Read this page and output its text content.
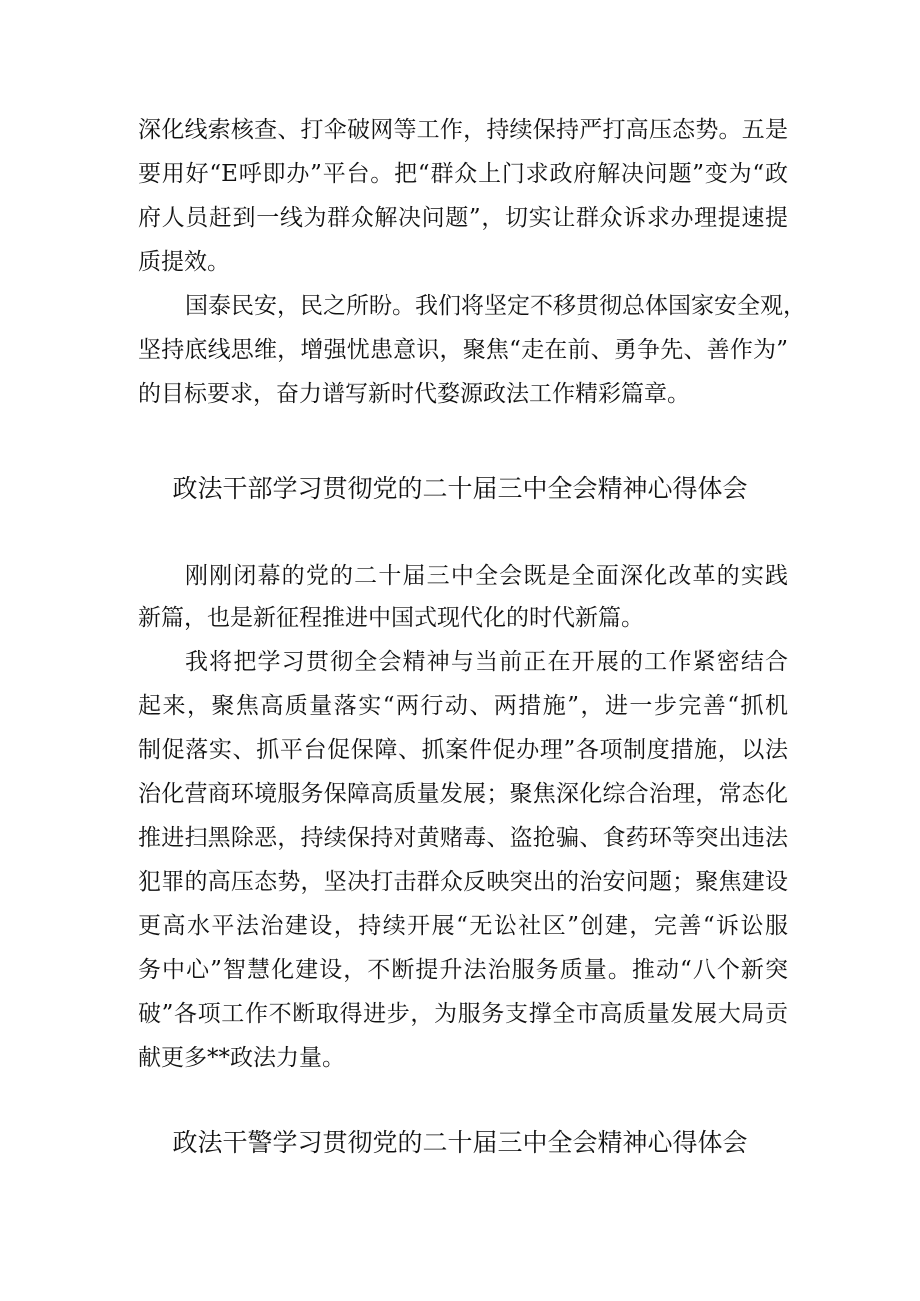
深化线索核查、打伞破网等工作，持续保持严打高压态势。五是
要用好“E呼即办”平台。把“群众上门求政府解决问题”变为“政
府人员赶到一线为群众解决问题”，切实让群众诉求办理提速提
质提效。
国泰民安，民之所盼。我们将坚定不移贯彻总体国家安全观，
坚持底线思维，增强忧患意识，聚焦“走在前、勇争先、善作为”
的目标要求，奋力谱写新时代婺源政法工作精彩篇章。
政法干部学习贯彻党的二十届三中全会精神心得体会
刚刚闭幕的党的二十届三中全会既是全面深化改革的实践
新篇，也是新征程推进中国式现代化的时代新篇。
我将把学习贯彻全会精神与当前正在开展的工作紧密结合
起来，聚焦高质量落实“两行动、两措施”，进一步完善“抓机
制促落实、抓平台促保障、抓案件促办理”各项制度措施，以法
治化营商环境服务保障高质量发展；聚焦深化综合治理，常态化
推进扫黑除恶，持续保持对黄赌毒、盗抢骗、食药环等突出违法
犯罪的高压态势，坚决打击群众反映突出的治安问题；聚焦建设
更高水平法治建设，持续开展“无讼社区”创建，完善“诉讼服
务中心”智慧化建设，不断提升法治服务质量。推动“八个新突
破”各项工作不断取得进步，为服务支撑全市高质量发展大局贡
献更多**政法力量。
政法干警学习贯彻党的二十届三中全会精神心得体会
